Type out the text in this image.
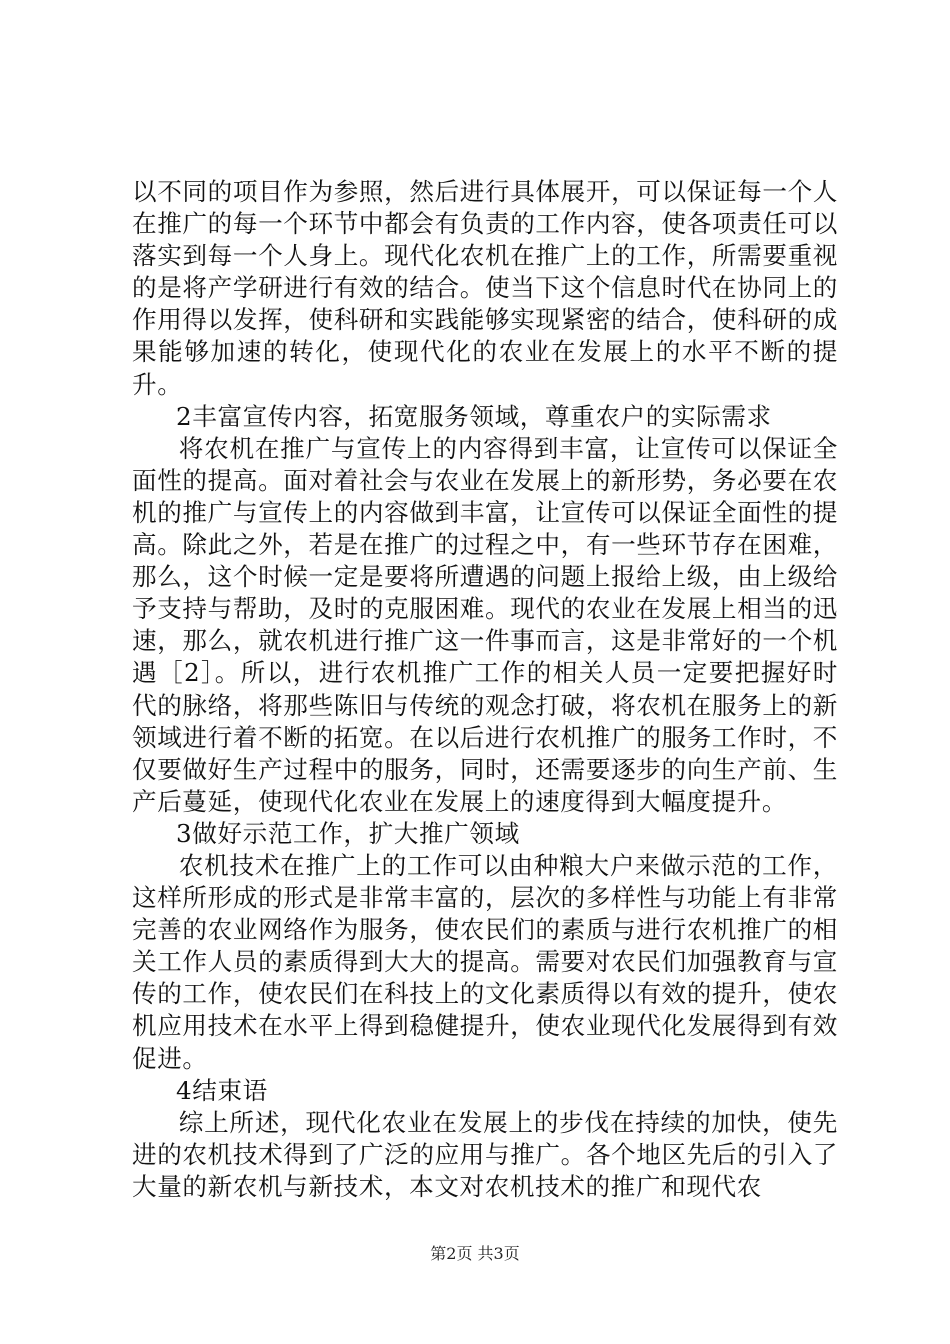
以不同的项目作为参照，然后进行具体展开，可以保证每一个人在推广的每一个环节中都会有负责的工作内容，使各项责任可以落实到每一个人身上。现代化农机在推广上的工作，所需要重视的是将产学研进行有效的结合。使当下这个信息时代在协同上的作用得以发挥，使科研和实践能够实现紧密的结合，使科研的成果能够加速的转化，使现代化的农业在发展上的水平不断的提升。

2丰富宣传内容，拓宽服务领域，尊重农户的实际需求

将农机在推广与宣传上的内容得到丰富，让宣传可以保证全面性的提高。面对着社会与农业在发展上的新形势，务必要在农机的推广与宣传上的内容做到丰富，让宣传可以保证全面性的提高。除此之外，若是在推广的过程之中，有一些环节存在困难，那么，这个时候一定是要将所遭遇的问题上报给上级，由上级给予支持与帮助，及时的克服困难。现代的农业在发展上相当的迅速，那么，就农机进行推广这一件事而言，这是非常好的一个机遇［2］。所以，进行农机推广工作的相关人员一定要把握好时代的脉络，将那些陈旧与传统的观念打破，将农机在服务上的新领域进行着不断的拓宽。在以后进行农机推广的服务工作时，不仅要做好生产过程中的服务，同时，还需要逐步的向生产前、生产后蔓延，使现代化农业在发展上的速度得到大幅度提升。

3做好示范工作，扩大推广领域

农机技术在推广上的工作可以由种粮大户来做示范的工作，这样所形成的形式是非常丰富的，层次的多样性与功能上有非常完善的农业网络作为服务，使农民们的素质与进行农机推广的相关工作人员的素质得到大大的提高。需要对农民们加强教育与宣传的工作，使农民们在科技上的文化素质得以有效的提升，使农机应用技术在水平上得到稳健提升，使农业现代化发展得到有效促进。

4结束语

综上所述，现代化农业在发展上的步伐在持续的加快，使先进的农机技术得到了广泛的应用与推广。各个地区先后的引入了大量的新农机与新技术，本文对农机技术的推广和现代农

第2页 共3页
